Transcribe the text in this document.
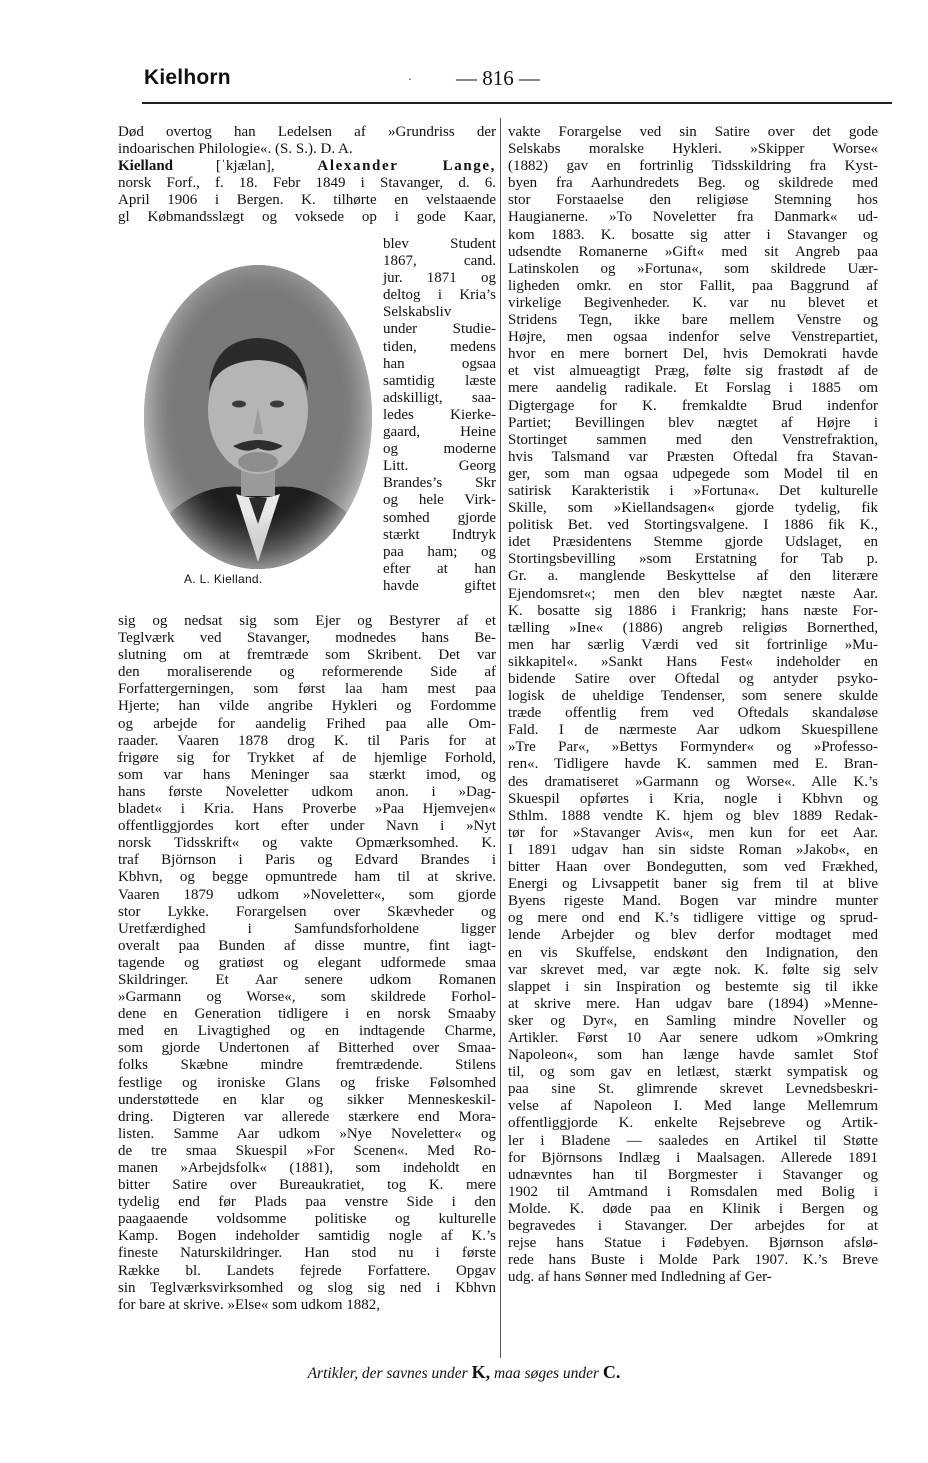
Kielhorn	· — 816 —
Død overtog han Ledelsen af »Grundriss der
indoarischen Philologie«. (S. S.). D. A.
Kielland [ˈkjælan], Alexander Lange,
norsk Forf., f. 18. Febr 1849 i Stavanger, d. 6.
April 1906 i Bergen. K. tilhørte en velstaaende
gl Købmandsslægt og voksede op i gode Kaar,
A. L. Kielland.
blev Student
1867, cand.
jur. 1871 og
deltog i Kria’s
Selskabsliv
under Studie-
tiden, medens
han ogsaa
samtidig læste
adskilligt, saa-
ledes Kierke-
gaard, Heine
og moderne
Litt. Georg
Brandes’s Skr
og hele Virk-
somhed gjorde
stærkt Indtryk
paa ham; og
efter at han
havde giftet
sig og nedsat sig som Ejer og Bestyrer af et
Teglværk ved Stavanger, modnedes hans Be-
slutning om at fremtræde som Skribent. Det var
den moraliserende og reformerende Side af
Forfattergerningen, som først laa ham mest paa
Hjerte; han vilde angribe Hykleri og Fordomme
og arbejde for aandelig Frihed paa alle Om-
raader. Vaaren 1878 drog K. til Paris for at
frigøre sig for Trykket af de hjemlige Forhold,
som var hans Meninger saa stærkt imod, og
hans første Noveletter udkom anon. i »Dag-
bladet« i Kria. Hans Proverbe »Paa Hjemvejen«
offentliggjordes kort efter under Navn i »Nyt
norsk Tidsskrift« og vakte Opmærksomhed. K.
traf Björnson i Paris og Edvard Brandes i
Kbhvn, og begge opmuntrede ham til at skrive.
Vaaren 1879 udkom »Noveletter«, som gjorde
stor Lykke. Forargelsen over Skævheder og
Uretfærdighed i Samfundsforholdene ligger
overalt paa Bunden af disse muntre, fint iagt-
tagende og gratiøst og elegant udformede smaa
Skildringer. Et Aar senere udkom Romanen
»Garmann og Worse«, som skildrede Forhol-
dene en Generation tidligere i en norsk Smaaby
med en Livagtighed og en indtagende Charme,
som gjorde Undertonen af Bitterhed over Smaa-
folks Skæbne mindre fremtrædende. Stilens
festlige og ironiske Glans og friske Følsomhed
understøttede en klar og sikker Menneskeskil-
dring. Digteren var allerede stærkere end Mora-
listen. Samme Aar udkom »Nye Noveletter« og
de tre smaa Skuespil »For Scenen«. Med Ro-
manen »Arbejdsfolk« (1881), som indeholdt en
bitter Satire over Bureaukratiet, tog K. mere
tydelig end før Plads paa venstre Side i den
paagaaende voldsomme politiske og kulturelle
Kamp. Bogen indeholder samtidig nogle af K.’s
fineste Naturskildringer. Han stod nu i første
Række bl. Landets fejrede Forfattere. Opgav
sin Teglværksvirksomhed og slog sig ned i Kbhvn
for bare at skrive. »Else« som udkom 1882,
vakte Forargelse ved sin Satire over det gode
Selskabs moralske Hykleri. »Skipper Worse«
(1882) gav en fortrinlig Tidsskildring fra Kyst-
byen fra Aarhundredets Beg. og skildrede med
stor Forstaaelse den religiøse Stemning hos
Haugianerne. »To Noveletter fra Danmark« ud-
kom 1883. K. bosatte sig atter i Stavanger og
udsendte Romanerne »Gift« med sit Angreb paa
Latinskolen og »Fortuna«, som skildrede Uær-
ligheden omkr. en stor Fallit, paa Baggrund af
virkelige Begivenheder. K. var nu blevet et
Stridens Tegn, ikke bare mellem Venstre og
Højre, men ogsaa indenfor selve Venstrepartiet,
hvor en mere bornert Del, hvis Demokrati havde
et vist almueagtigt Præg, følte sig frastødt af de
mere aandelig radikale. Et Forslag i 1885 om
Digtergage for K. fremkaldte Brud indenfor
Partiet; Bevillingen blev nægtet af Højre i
Stortinget sammen med den Venstrefraktion,
hvis Talsmand var Præsten Oftedal fra Stavan-
ger, som man ogsaa udpegede som Model til en
satirisk Karakteristik i »Fortuna«. Det kulturelle
Skille, som »Kiellandsagen« gjorde tydelig, fik
politisk Bet. ved Stortingsvalgene. I 1886 fik K.,
idet Præsidentens Stemme gjorde Udslaget, en
Stortingsbevilling »som Erstatning for Tab p.
Gr. a. manglende Beskyttelse af den literære
Ejendomsret«; men den blev nægtet næste Aar.
K. bosatte sig 1886 i Frankrig; hans næste For-
tælling »Ine« (1886) angreb religiøs Bornerthed,
men har særlig Værdi ved sit fortrinlige »Mu-
sikkapitel«. »Sankt Hans Fest« indeholder en
bidende Satire over Oftedal og antyder psyko-
logisk de uheldige Tendenser, som senere skulde
træde offentlig frem ved Oftedals skandaløse
Fald. I de nærmeste Aar udkom Skuespillene
»Tre Par«, »Bettys Formynder« og »Professo-
ren«. Tidligere havde K. sammen med E. Bran-
des dramatiseret »Garmann og Worse«. Alle K.’s
Skuespil opførtes i Kria, nogle i Kbhvn og
Sthlm. 1888 vendte K. hjem og blev 1889 Redak-
tør for »Stavanger Avis«, men kun for eet Aar.
I 1891 udgav han sin sidste Roman »Jakob«, en
bitter Haan over Bondegutten, som ved Frækhed,
Energi og Livsappetit baner sig frem til at blive
Byens rigeste Mand. Bogen var mindre munter
og mere ond end K.’s tidligere vittige og sprud-
lende Arbejder og blev derfor modtaget med
en vis Skuffelse, endskønt den Indignation, den
var skrevet med, var ægte nok. K. følte sig selv
slappet i sin Inspiration og bestemte sig til ikke
at skrive mere. Han udgav bare (1894) »Menne-
sker og Dyr«, en Samling mindre Noveller og
Artikler. Først 10 Aar senere udkom »Omkring
Napoleon«, som han længe havde samlet Stof
til, og som gav en letlæst, stærkt sympatisk og
paa sine St. glimrende skrevet Levnedsbeskri-
velse af Napoleon I. Med lange Mellemrum
offentliggjorde K. enkelte Rejsebreve og Artik-
ler i Bladene — saaledes en Artikel til Støtte
for Björnsons Indlæg i Maalsagen. Allerede 1891
udnævntes han til Borgmester i Stavanger og
1902 til Amtmand i Romsdalen med Bolig i
Molde. K. døde paa en Klinik i Bergen og
begravedes i Stavanger. Der arbejdes for at
rejse hans Statue i Fødebyen. Bjørnson afslø-
rede hans Buste i Molde Park 1907. K.’s Breve
udg. af hans Sønner med Indledning af Ger-
Artikler, der savnes under K, maa søges under C.
